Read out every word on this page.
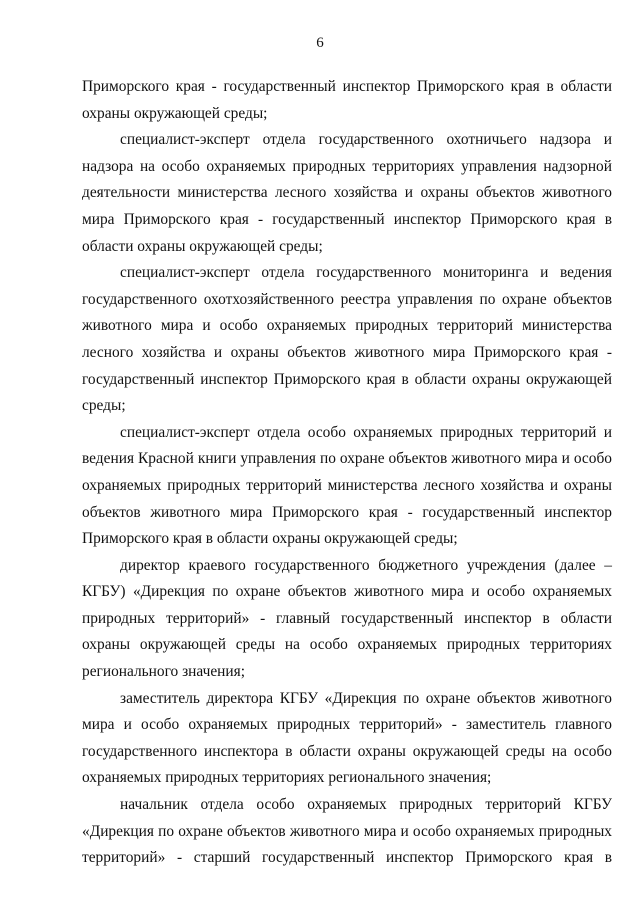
6

Приморского края - государственный инспектор Приморского края в области охраны окружающей среды;

специалист-эксперт отдела государственного охотничьего надзора и надзора на особо охраняемых природных территориях управления надзорной деятельности министерства лесного хозяйства и охраны объектов животного мира Приморского края - государственный инспектор Приморского края в области охраны окружающей среды;

специалист-эксперт отдела государственного мониторинга и ведения государственного охотхозяйственного реестра управления по охране объектов животного мира и особо охраняемых природных территорий министерства лесного хозяйства и охраны объектов животного мира Приморского края - государственный инспектор Приморского края в области охраны окружающей среды;

специалист-эксперт отдела особо охраняемых природных территорий и ведения Красной книги управления по охране объектов животного мира и особо охраняемых природных территорий министерства лесного хозяйства и охраны объектов животного мира Приморского края - государственный инспектор Приморского края в области охраны окружающей среды;

директор краевого государственного бюджетного учреждения (далее – КГБУ) «Дирекция по охране объектов животного мира и особо охраняемых природных территорий» - главный государственный инспектор в области охраны окружающей среды на особо охраняемых природных территориях регионального значения;

заместитель директора КГБУ «Дирекция по охране объектов животного мира и особо охраняемых природных территорий» - заместитель главного государственного инспектора в области охраны окружающей среды на особо охраняемых природных территориях регионального значения;

начальник отдела особо охраняемых природных территорий КГБУ «Дирекция по охране объектов животного мира и особо охраняемых природных территорий» - старший государственный инспектор Приморского края в
